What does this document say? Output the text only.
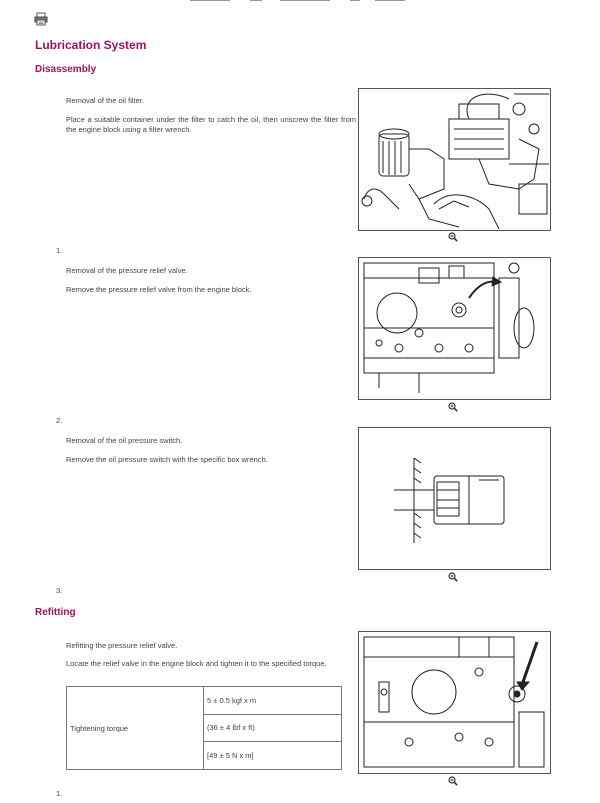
Lubrication System
Disassembly
Removal of the oil filter.
Place a suitable container under the filter to catch the oil, then unscrew the filter from the engine block using a filter wrench.
1.
Removal of the pressure relief valve.
Remove the pressure relief valve from the engine block.
2.
Removal of the oil pressure switch.
Remove the oil pressure switch with the specific box wrench.
3.
Refitting
Refitting the pressure relief valve.
Locate the relief valve in the engine block and tighten it to the specified torque.
Tightening torque	5 ± 0.5 kgf x m
(36 ± 4 lbf x ft)
[49 ± 5 N x m]
1.
